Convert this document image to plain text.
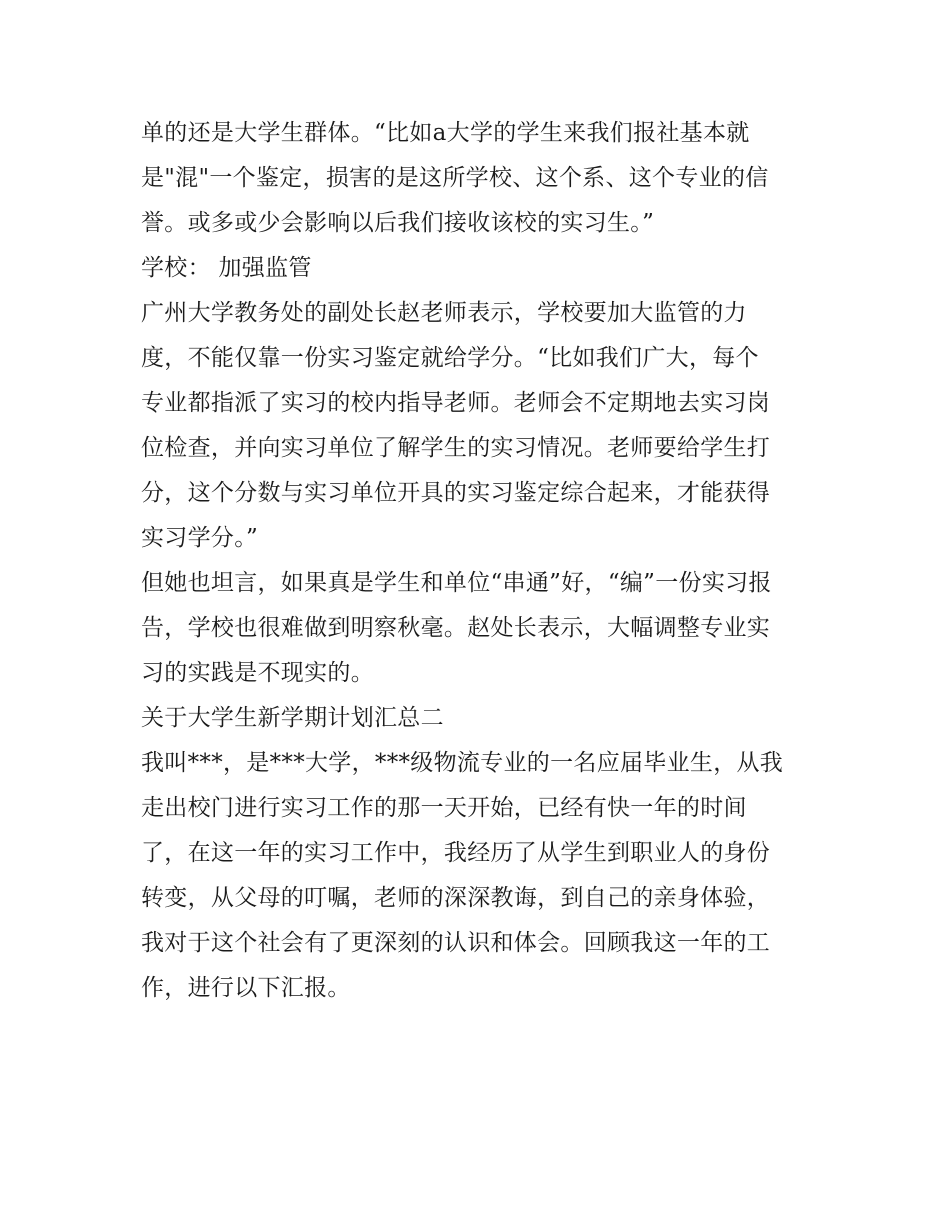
单的还是大学生群体。“比如a大学的学生来我们报社基本就
是"混"一个鉴定，损害的是这所学校、这个系、这个专业的信
誉。或多或少会影响以后我们接收该校的实习生。”
学校： 加强监管
广州大学教务处的副处长赵老师表示，学校要加大监管的力
度，不能仅靠一份实习鉴定就给学分。“比如我们广大，每个
专业都指派了实习的校内指导老师。老师会不定期地去实习岗
位检查，并向实习单位了解学生的实习情况。老师要给学生打
分，这个分数与实习单位开具的实习鉴定综合起来，才能获得
实习学分。”
但她也坦言，如果真是学生和单位“串通”好，“编”一份实习报
告，学校也很难做到明察秋毫。赵处长表示，大幅调整专业实
习的实践是不现实的。
关于大学生新学期计划汇总二
我叫***，是***大学，***级物流专业的一名应届毕业生，从我
走出校门进行实习工作的那一天开始，已经有快一年的时间
了，在这一年的实习工作中，我经历了从学生到职业人的身份
转变，从父母的叮嘱，老师的深深教诲，到自己的亲身体验，
我对于这个社会有了更深刻的认识和体会。回顾我这一年的工
作，进行以下汇报。
